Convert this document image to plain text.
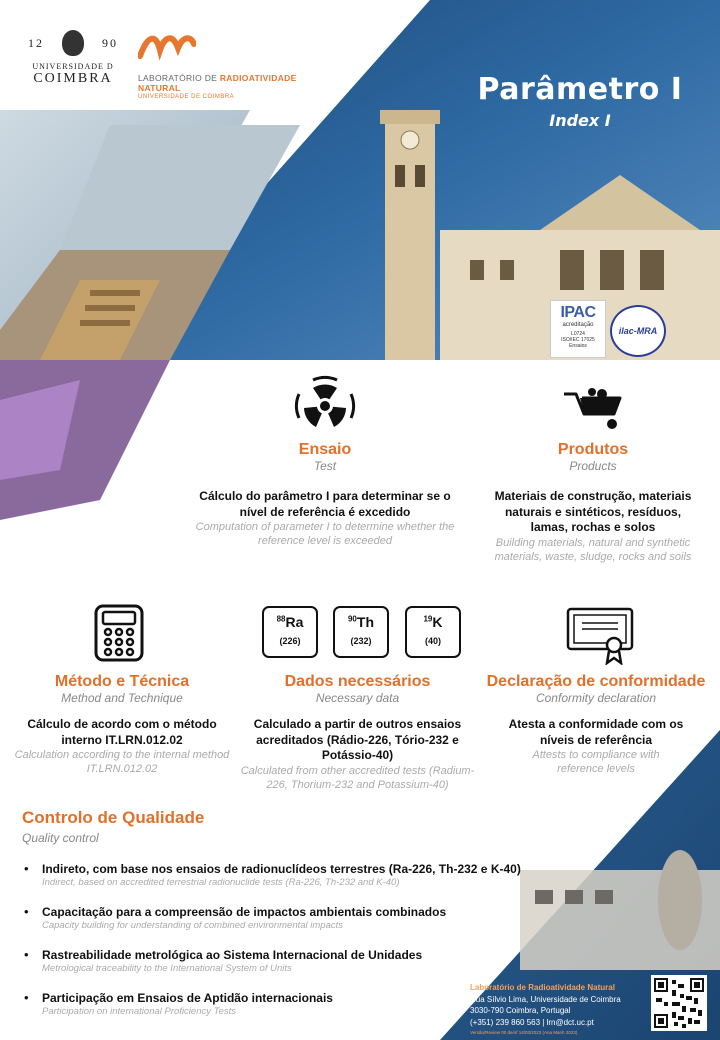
12	90
UNIVERSIDADE D
COIMBRA	LABORATÓRIO DE RADIOATIVIDADE NATURAL
UNIVERSIDADE DE COIMBRA	Parâmetro I
Index I
IPAC
acreditação
L0724
ISO/IEC 17025
Ensaios
ilac-MRA
Ensaio
Test
Cálculo do parâmetro I para determinar se o nível de referência é excedido
Computation of parameter I to determine whether the reference level is exceeded
Produtos
Products
Materiais de construção, materiais naturais e sintéticos, resíduos, lamas, rochas e solos
Building materials, natural and synthetic materials, waste, sludge, rocks and soils
Método e Técnica
Method and Technique
Cálculo de acordo com o método interno IT.LRN.012.02
Calculation according to the internal method IT.LRN.012.02
$^{88}$Ra
(226)
$^{90}$Th
(232)
$^{19}$K
(40)
Dados necessários
Necessary data
Calculado a partir de outros ensaios acreditados (Rádio-226, Tório-232 e Potássio-40)
Calculated from other accredited tests (Radium-226, Thorium-232 and Potassium-40)
Declaração de conformidade
Conformity declaration
Atesta a conformidade com os níveis de referência
Attests to compliance with reference levels
Controlo de Qualidade
Quality control
• Indireto, com base nos ensaios de radionuclídeos terrestres (Ra-226, Th-232 e K-40)
Indirect, based on accredited terrestrial radionuclide tests (Ra-226, Th-232 and K-40)
• Capacitação para a compreensão de impactos ambientais combinados
Capacity building for understanding of combined environmental impacts
• Rastreabilidade metrológica ao Sistema Internacional de Unidades
Metrological traceability to the International System of Units
• Participação em Ensaios de Aptidão internacionais
Participation on international Proficiency Tests
Laboratório de Radioatividade Natural
Rua Sílvio Lima, Universidade de Coimbra
3030-790 Coimbra, Portugal
(+351) 239 860 563 | lrn@dct.uc.pt
Versão/Review 00 de/of 14/03/2023 (Ana Manh 2023)
